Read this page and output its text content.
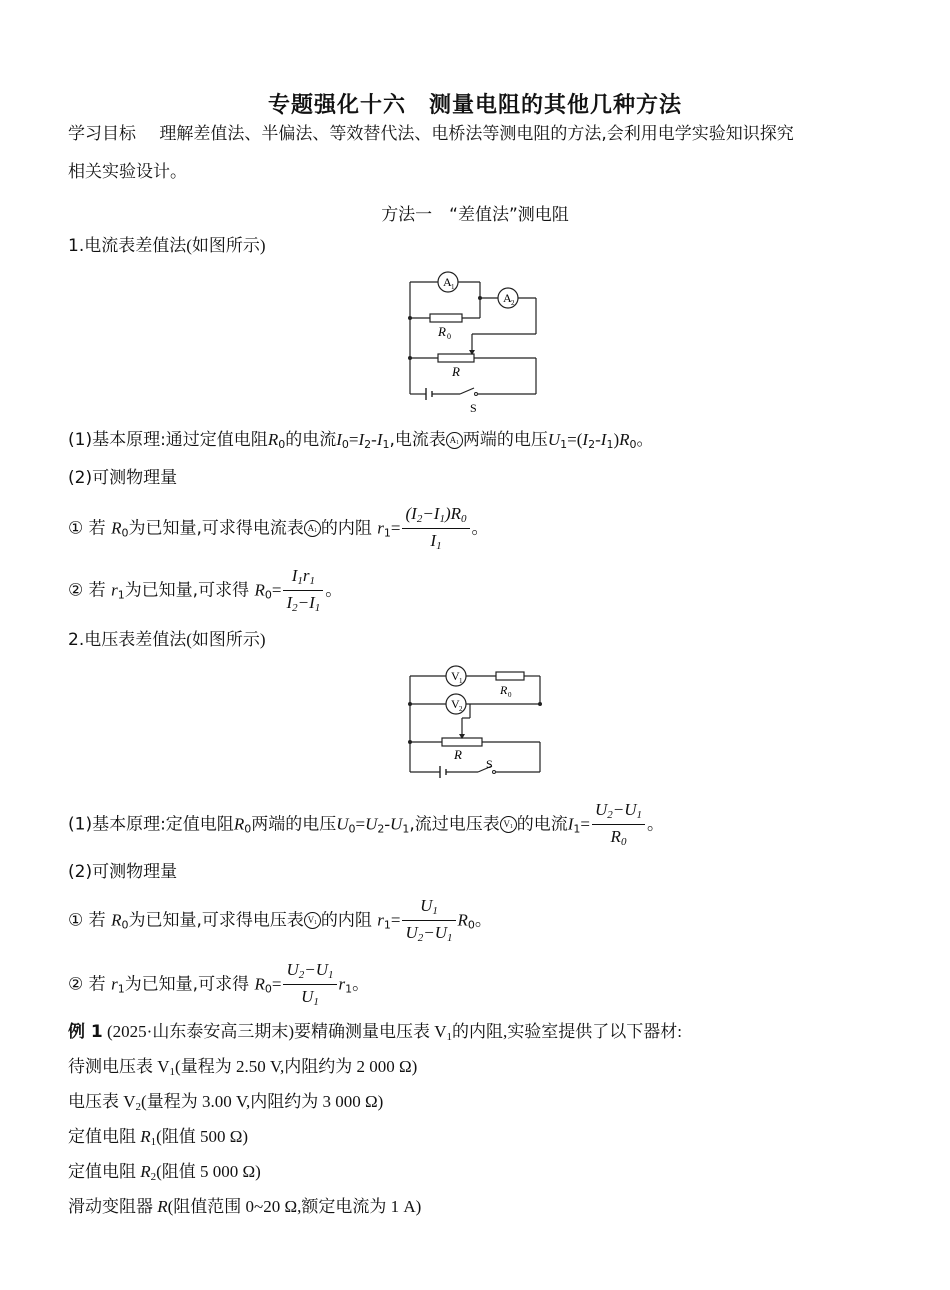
专题强化十六　测量电阻的其他几种方法
学习目标 理解差值法、半偏法、等效替代法、电桥法等测电阻的方法,会利用电学实验知识探究
相关实验设计。
方法一　“差值法”测电阻
1.电流表差值法(如图所示)
A 1
A 2
R 0
R
S
(1)基本原理:通过定值电阻$R_0$的电流$I_0=I_2-I_1$,电流表 $A_1$ 两端的电压$U_1=(I_2-I_1)R_0$。
(2)可测物理量
① 若 $R_0$为已知量,可求得电流表 $A_1$ 的内阻 $r_1= \frac{(I_2-I_1)R_0}{I_1}$ 。
② 若 $r_1$为已知量,可求得 $R_0= \frac{I_1r_1}{I_2-I_1}$ 。
2.电压表差值法(如图所示)
V 1
V 2
R 0
R
S
(1)基本原理:定值电阻$R_0$两端的电压$U_0=U_2-U_1$,流过电压表 $V_1$ 的电流$I_1= \frac{U_2-U_1}{R_0}$ 。
(2)可测物理量
① 若 $R_0$为已知量,可求得电压表 $V_1$ 的内阻 $r_1= \frac{U_1}{U_2-U_1} R_0$。
② 若 $r_1$为已知量,可求得 $R_0= \frac{U_2-U_1}{U_1} r_1$。
例 1 (2025·山东泰安高三期末)要精确测量电压表 $V_1$的内阻,实验室提供了以下器材:
待测电压表 $V_1$(量程为 2.50 V,内阻约为 2 000 Ω)
电压表 $V_2$(量程为 3.00 V,内阻约为 3 000 Ω)
定值电阻 $R_1$(阻值 500 Ω)
定值电阻 $R_2$(阻值 5 000 Ω)
滑动变阻器 R(阻值范围 0~20 Ω,额定电流为 1 A)
